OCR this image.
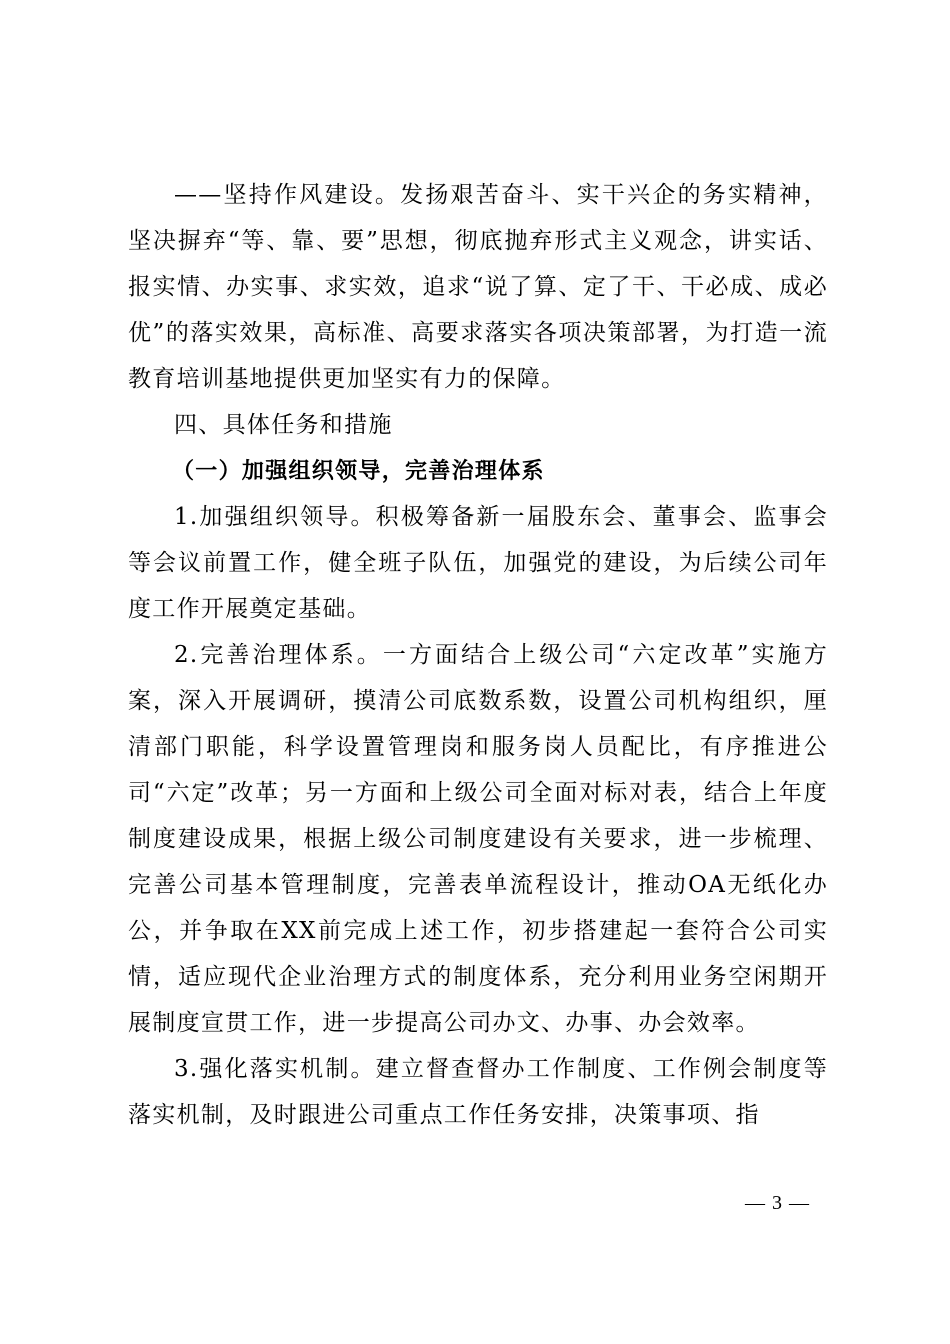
——坚持作风建设。发扬艰苦奋斗、实干兴企的务实精神，坚决摒弃“等、靠、要”思想，彻底抛弃形式主义观念，讲实话、报实情、办实事、求实效，追求“说了算、定了干、干必成、成必优”的落实效果，高标准、高要求落实各项决策部署，为打造一流教育培训基地提供更加坚实有力的保障。

四、具体任务和措施
（一）加强组织领导，完善治理体系

1.加强组织领导。积极筹备新一届股东会、董事会、监事会等会议前置工作，健全班子队伍，加强党的建设，为后续公司年度工作开展奠定基础。

2.完善治理体系。一方面结合上级公司“六定改革”实施方案，深入开展调研，摸清公司底数系数，设置公司机构组织，厘清部门职能，科学设置管理岗和服务岗人员配比，有序推进公司“六定”改革；另一方面和上级公司全面对标对表，结合上年度制度建设成果，根据上级公司制度建设有关要求，进一步梳理、完善公司基本管理制度，完善表单流程设计，推动OA无纸化办公，并争取在XX前完成上述工作，初步搭建起一套符合公司实情，适应现代企业治理方式的制度体系，充分利用业务空闲期开展制度宣贯工作，进一步提高公司办文、办事、办会效率。

3.强化落实机制。建立督查督办工作制度、工作例会制度等落实机制，及时跟进公司重点工作任务安排，决策事项、指

— 3 —
